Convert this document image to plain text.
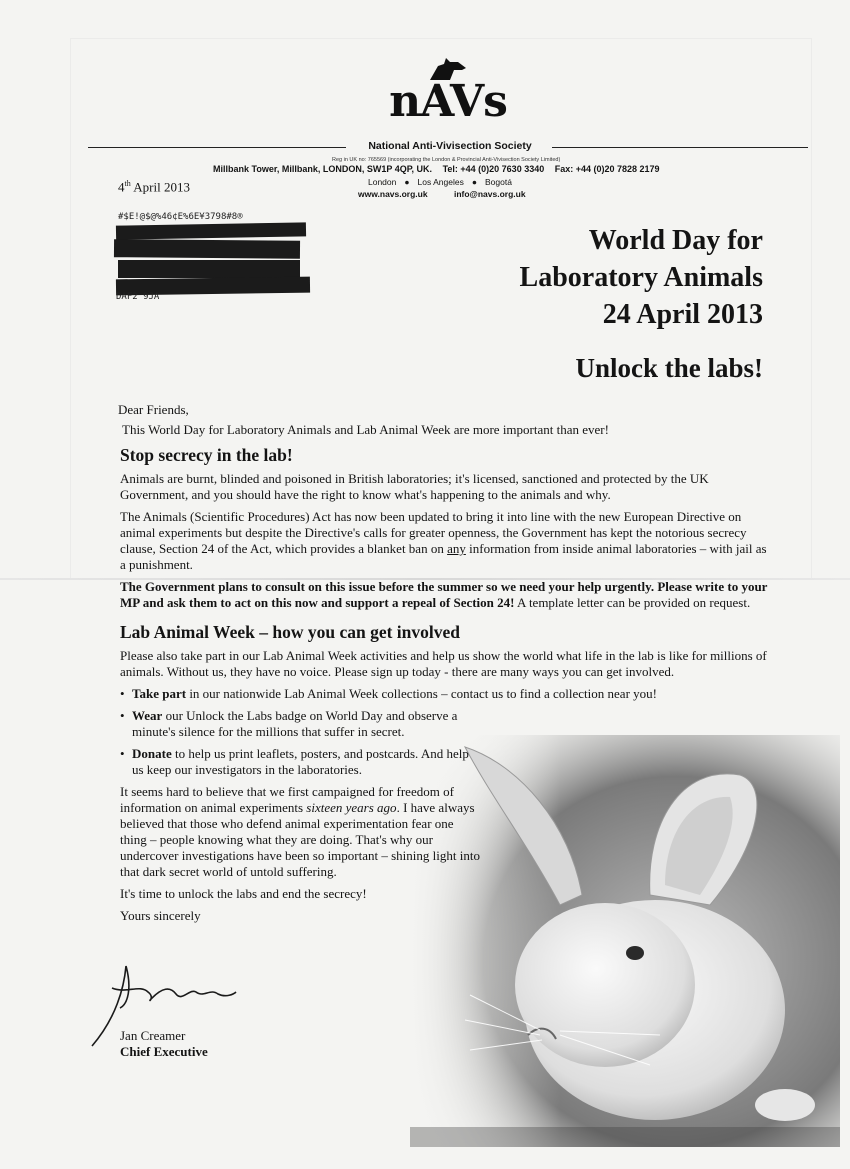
nAVs
National Anti-Vivisection Society
Reg in UK no: 765569 (incorporating the London & Provincial Anti-Vivisection Society Limited)
Millbank Tower, Millbank, LONDON, SW1P 4QP, UK. Tel: +44 (0)20 7630 3340 Fax: +44 (0)20 7828 2179
London ● Los Angeles ● Bogotá
www.navs.org.uk	info@navs.org.uk
4th April 2013
#$E!@$@%46¢E%6E¥3798#8®
DAF2 9JA
World Day for
Laboratory Animals
24 April 2013
Unlock the labs!

Dear Friends,

This World Day for Laboratory Animals and Lab Animal Week are more important than ever!

Stop secrecy in the lab!

Animals are burnt, blinded and poisoned in British laboratories; it's licensed, sanctioned and protected by the UK Government, and you should have the right to know what's happening to the animals and why.

The Animals (Scientific Procedures) Act has now been updated to bring it into line with the new European Directive on animal experiments but despite the Directive's calls for greater openness, the Government has kept the notorious secrecy clause, Section 24 of the Act, which provides a blanket ban on any information from inside animal laboratories – with jail as a punishment.

The Government plans to consult on this issue before the summer so we need your help urgently. Please write to your MP and ask them to act on this now and support a repeal of Section 24! A template letter can be provided on request.

Lab Animal Week – how you can get involved

Please also take part in our Lab Animal Week activities and help us show the world what life in the lab is like for millions of animals. Without us, they have no voice. Please sign up today - there are many ways you can get involved.

• Take part in our nationwide Lab Animal Week collections – contact us to find a collection near you!
• Wear our Unlock the Labs badge on World Day and observe a minute's silence for the millions that suffer in secret.
• Donate to help us print leaflets, posters, and postcards. And help us keep our investigators in the laboratories.

It seems hard to believe that we first campaigned for freedom of information on animal experiments sixteen years ago. I have always believed that those who defend animal experimentation fear one thing – people knowing what they are doing. That's why our undercover investigations have been so important – shining light into that dark secret world of untold suffering.

It's time to unlock the labs and end the secrecy!

Yours sincerely

Jan Creamer
Chief Executive
